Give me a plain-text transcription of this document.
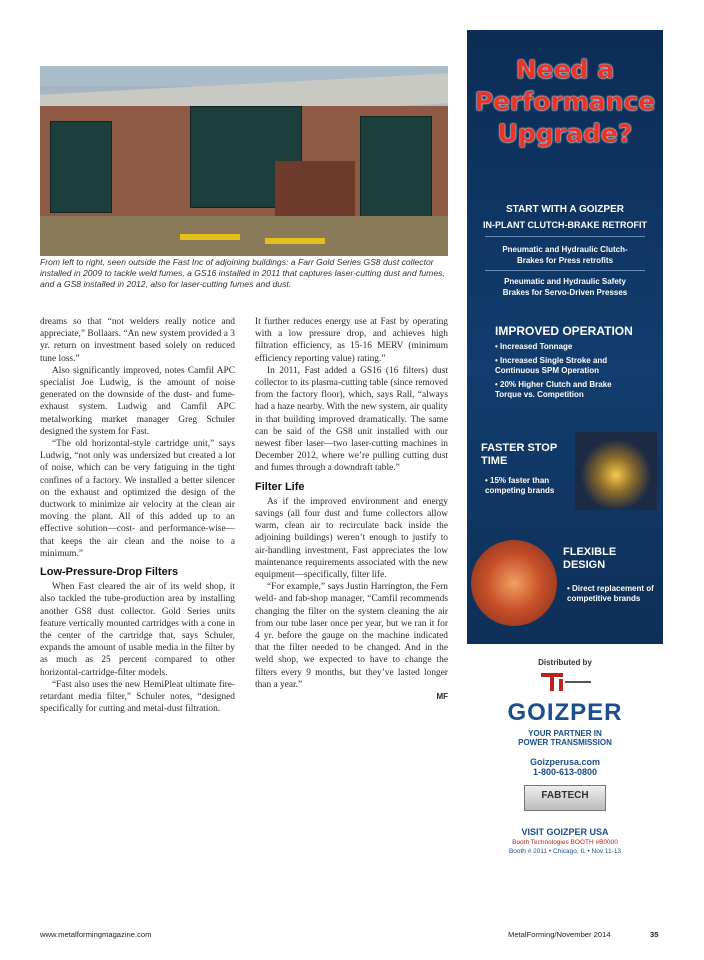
From left to right, seen outside the Fast Inc of adjoining buildings: a Farr Gold Series GS8 dust collector installed in 2009 to tackle weld fumes, a GS16 installed in 2011 that captures laser-cutting dust and fumes, and a GS8 installed in 2012, also for laser-cutting fumes and dust.

dreams so that “not welders really notice and appreciate,” Bollaars. “An new system provided a 3 yr. return on investment based solely on reduced tune loss.”

Also significantly improved, notes Camfil APC specialist Joe Ludwig, is the amount of noise generated on the downside of the dust- and fume-exhaust system. Ludwig and Camfil APC metalworking market manager Greg Schuler designed the system for Fast.

“The old horizontal-style cartridge unit,” says Ludwig, “not only was undersized but created a lot of noise, which can be very fatiguing in the tight confines of a factory. We installed a better silencer on the exhaust and optimized the design of the ductwork to minimize air velocity at the clean air moving the plant. All of this added up to an effective solution—cost- and performance-wise—that keeps the air clean and the noise to a minimum.”

Low-Pressure-Drop Filters

When Fast cleared the air of its weld shop, it also tackled the tube-production area by installing another GS8 dust collector. Gold Series units feature vertically mounted cartridges with a cone in the center of the cartridge that, says Schuler, expands the amount of usable media in the filter by as much as 25 percent compared to other horizontal-cartridge-filter models.

“Fast also uses the new HemiPleat ultimate fire-retardant media filter,” Schuler notes, “designed specifically for cutting and metal-dust filtration.

It further reduces energy use at Fast by operating with a low pressure drop, and achieves high filtration efficiency, as 15-16 MERV (minimum efficiency reporting value) rating.”

In 2011, Fast added a GS16 (16 filters) dust collector to its plasma-cutting table (since removed from the factory floor), which, says Rall, “always had a haze nearby. With the new system, air quality in that building improved dramatically. The same can be said of the GS8 unit installed with our newest fiber laser—two laser-cutting machines in December 2012, where we’re pulling cutting dust and fumes through a downdraft table.”

Filter Life

As if the improved environment and energy savings (all four dust and fume collectors allow warm, clean air to recirculate back inside the adjoining buildings) weren’t enough to justify to air-handling investment, Fast appreciates the low maintenance requirements associated with the new equipment—specifically, filter life.

“For example,” says Justin Harrington, the Fern weld- and fab-shop manager, “Camfil recommends changing the filter on the system cleaning the air from our tube laser once per year, but we ran it for 4 yr. before the gauge on the machine indicated that the filter needed to be changed. And in the weld shop, we expected to have to change the filters every 9 months, but they’ve lasted longer than a year.”

MF
www.metalformingmagazine.com	MetalForming/November 2014	35
Need a
Performance
Upgrade?
START WITH A GOIZPER
IN-PLANT CLUTCH-BRAKE RETROFIT
Pneumatic and Hydraulic Clutch-Brakes for Press retrofits
Pneumatic and Hydraulic Safety Brakes for Servo-Driven Presses
IMPROVED OPERATION
• Increased Tonnage
• Increased Single Stroke and Continuous SPM Operation
• 20% Higher Clutch and Brake Torque vs. Competition
FASTER STOP TIME
• 15% faster than competing brands
FLEXIBLE DESIGN
• Direct replacement of competitive brands
Distributed by
GOIZPER
YOUR PARTNER IN
POWER TRANSMISSION
Goizperusa.com
1-800-613-0800
FABTECH
VISIT GOIZPER USA
Booth Technologies BOOTH #B0000
Booth # 2011 • Chicago, IL • Nov 11-13
